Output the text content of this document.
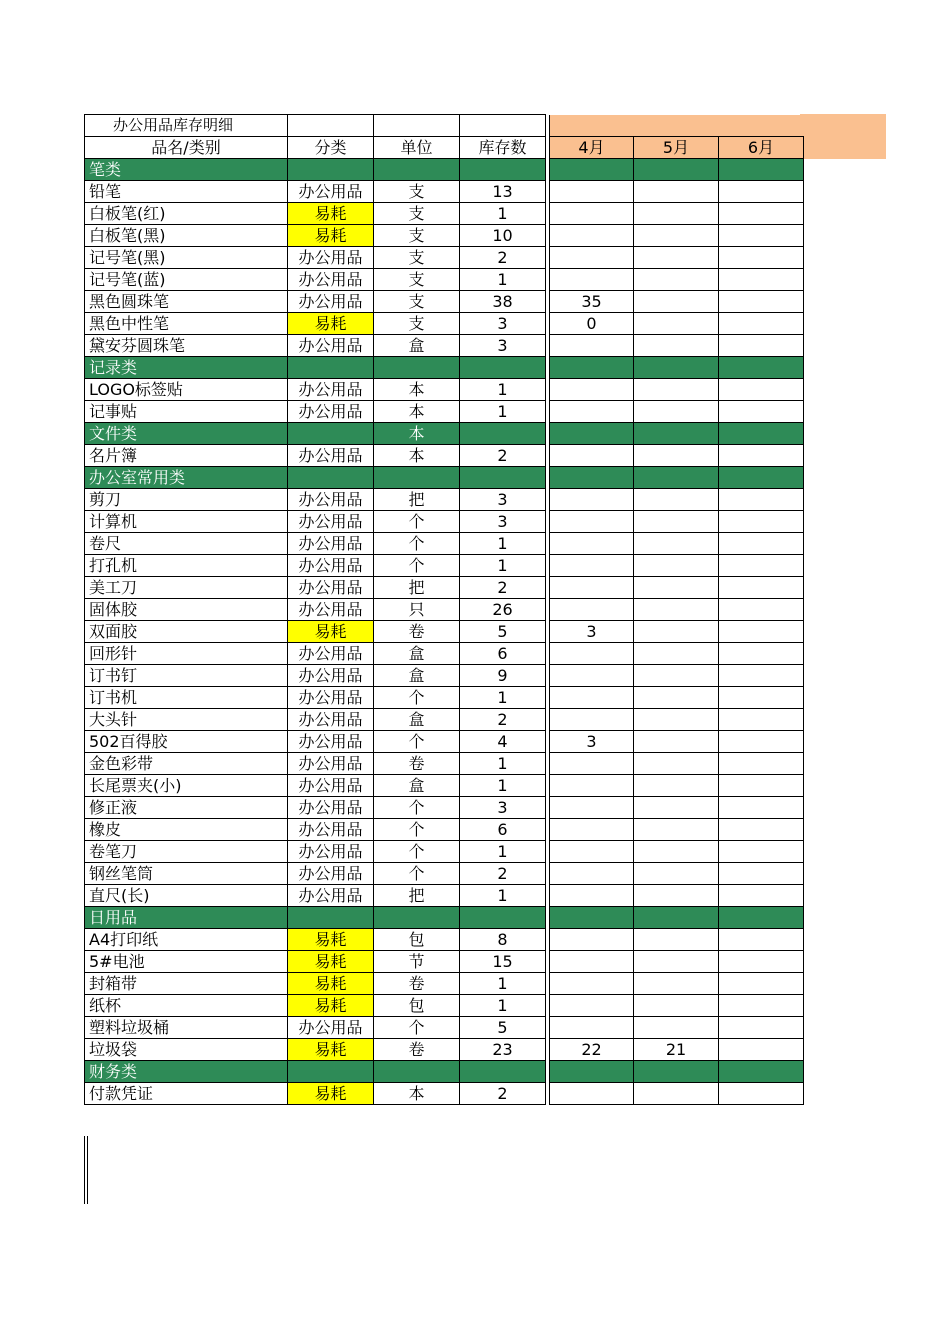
办公用品库存明细							
品名/类别	分类	单位	库存数		4月	5月	6月
笔类							
铅笔	办公用品	支	13				
白板笔(红)	易耗	支	1				
白板笔(黑)	易耗	支	10				
记号笔(黑)	办公用品	支	2				
记号笔(蓝)	办公用品	支	1				
黑色圆珠笔	办公用品	支	38		35		
黑色中性笔	易耗	支	3		0		
黛安芬圆珠笔	办公用品	盒	3				
记录类							
LOGO标签贴	办公用品	本	1				
记事贴	办公用品	本	1				
文件类		本					
名片簿	办公用品	本	2				
办公室常用类							
剪刀	办公用品	把	3				
计算机	办公用品	个	3				
卷尺	办公用品	个	1				
打孔机	办公用品	个	1				
美工刀	办公用品	把	2				
固体胶	办公用品	只	26				
双面胶	易耗	卷	5		3		
回形针	办公用品	盒	6				
订书钉	办公用品	盒	9				
订书机	办公用品	个	1				
大头针	办公用品	盒	2				
502百得胶	办公用品	个	4		3		
金色彩带	办公用品	卷	1				
长尾票夹(小)	办公用品	盒	1				
修正液	办公用品	个	3				
橡皮	办公用品	个	6				
卷笔刀	办公用品	个	1				
钢丝笔筒	办公用品	个	2				
直尺(长)	办公用品	把	1				
日用品							
A4打印纸	易耗	包	8				
5#电池	易耗	节	15				
封箱带	易耗	卷	1				
纸杯	易耗	包	1				
塑料垃圾桶	办公用品	个	5				
垃圾袋	易耗	卷	23		22	21	
财务类							
付款凭证	易耗	本	2				
